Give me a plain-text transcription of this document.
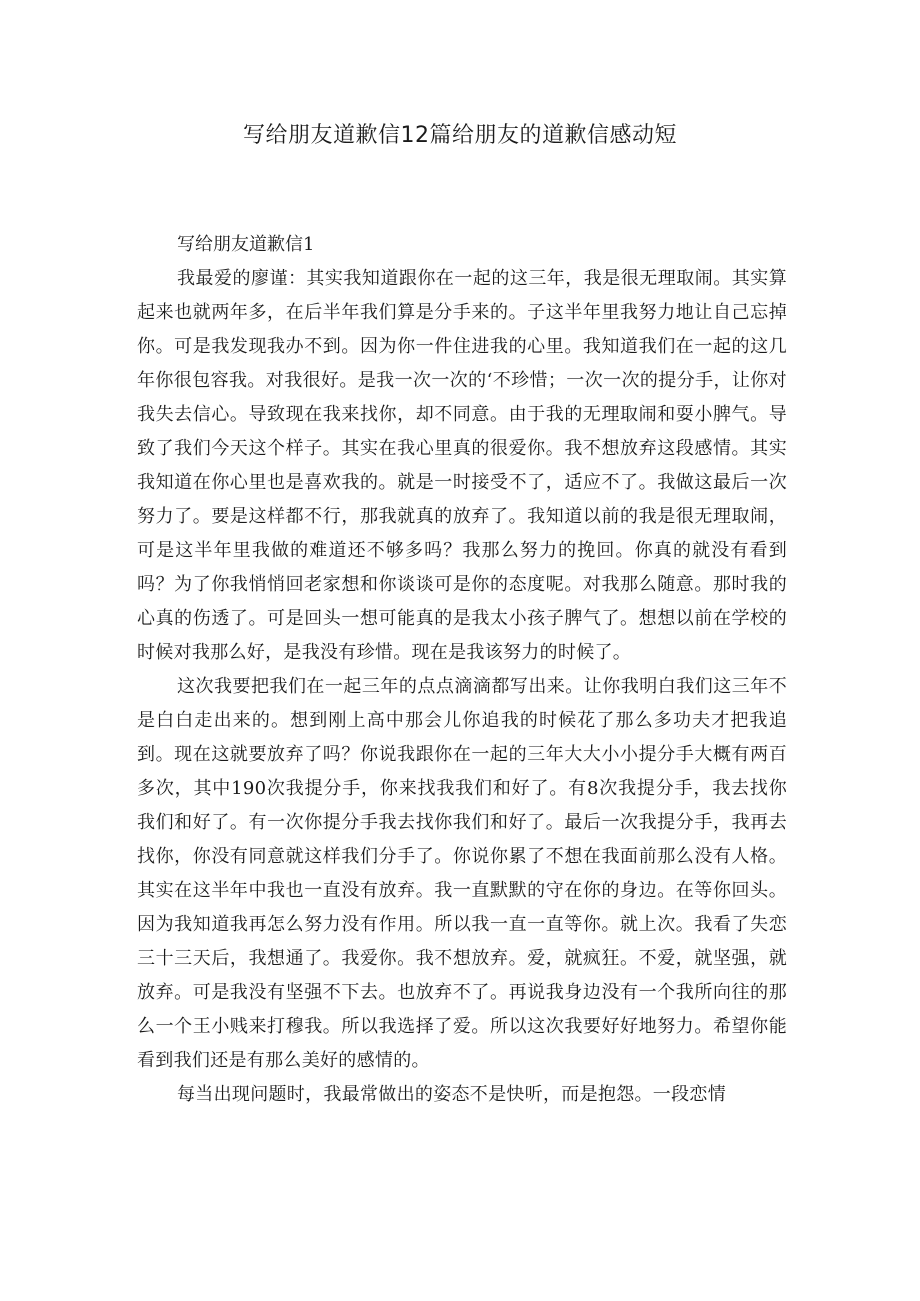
写给朋友道歉信12篇给朋友的道歉信感动短

写给朋友道歉信1

我最爱的廖谨：其实我知道跟你在一起的这三年，我是很无理取闹。其实算起来也就两年多，在后半年我们算是分手来的。子这半年里我努力地让自己忘掉你。可是我发现我办不到。因为你一件住进我的心里。我知道我们在一起的这几年你很包容我。对我很好。是我一次一次的‘不珍惜；一次一次的提分手，让你对我失去信心。导致现在我来找你，却不同意。由于我的无理取闹和耍小脾气。导致了我们今天这个样子。其实在我心里真的很爱你。我不想放弃这段感情。其实我知道在你心里也是喜欢我的。就是一时接受不了，适应不了。我做这最后一次努力了。要是这样都不行，那我就真的放弃了。我知道以前的我是很无理取闹，可是这半年里我做的难道还不够多吗？我那么努力的挽回。你真的就没有看到吗？为了你我悄悄回老家想和你谈谈可是你的态度呢。对我那么随意。那时我的心真的伤透了。可是回头一想可能真的是我太小孩子脾气了。想想以前在学校的时候对我那么好，是我没有珍惜。现在是我该努力的时候了。

这次我要把我们在一起三年的点点滴滴都写出来。让你我明白我们这三年不是白白走出来的。想到刚上高中那会儿你追我的时候花了那么多功夫才把我追到。现在这就要放弃了吗？你说我跟你在一起的三年大大小小提分手大概有两百多次，其中190次我提分手，你来找我我们和好了。有8次我提分手，我去找你我们和好了。有一次你提分手我去找你我们和好了。最后一次我提分手，我再去找你，你没有同意就这样我们分手了。你说你累了不想在我面前那么没有人格。其实在这半年中我也一直没有放弃。我一直默默的守在你的身边。在等你回头。因为我知道我再怎么努力没有作用。所以我一直一直等你。就上次。我看了失恋三十三天后，我想通了。我爱你。我不想放弃。爱，就疯狂。不爱，就坚强，就放弃。可是我没有坚强不下去。也放弃不了。再说我身边没有一个我所向往的那么一个王小贱来打穆我。所以我选择了爱。所以这次我要好好地努力。希望你能看到我们还是有那么美好的感情的。

每当出现问题时，我最常做出的姿态不是快听，而是抱怨。一段恋情
